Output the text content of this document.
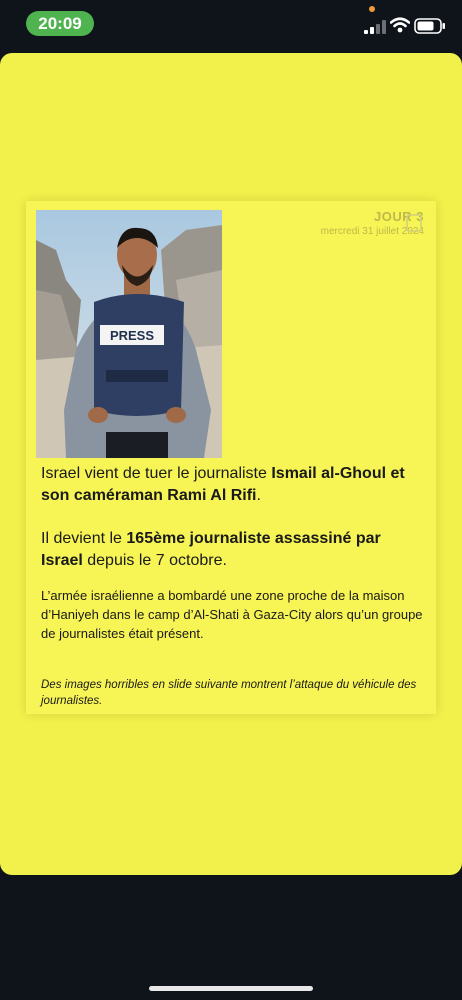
20:09
PRESS
JOUR 3
mercredi 31 juillet 2024
Israel vient de tuer le journaliste Ismail al-Ghoul et son caméraman Rami Al Rifi.
Il devient le 165ème journaliste assassiné par Israel depuis le 7 octobre.
L’armée israélienne a bombardé une zone proche de la maison d’Haniyeh dans le camp d’Al-Shati à Gaza-City alors qu’un groupe de journalistes était présent.
Des images horribles en slide suivante montrent l’attaque du véhicule des journalistes.
